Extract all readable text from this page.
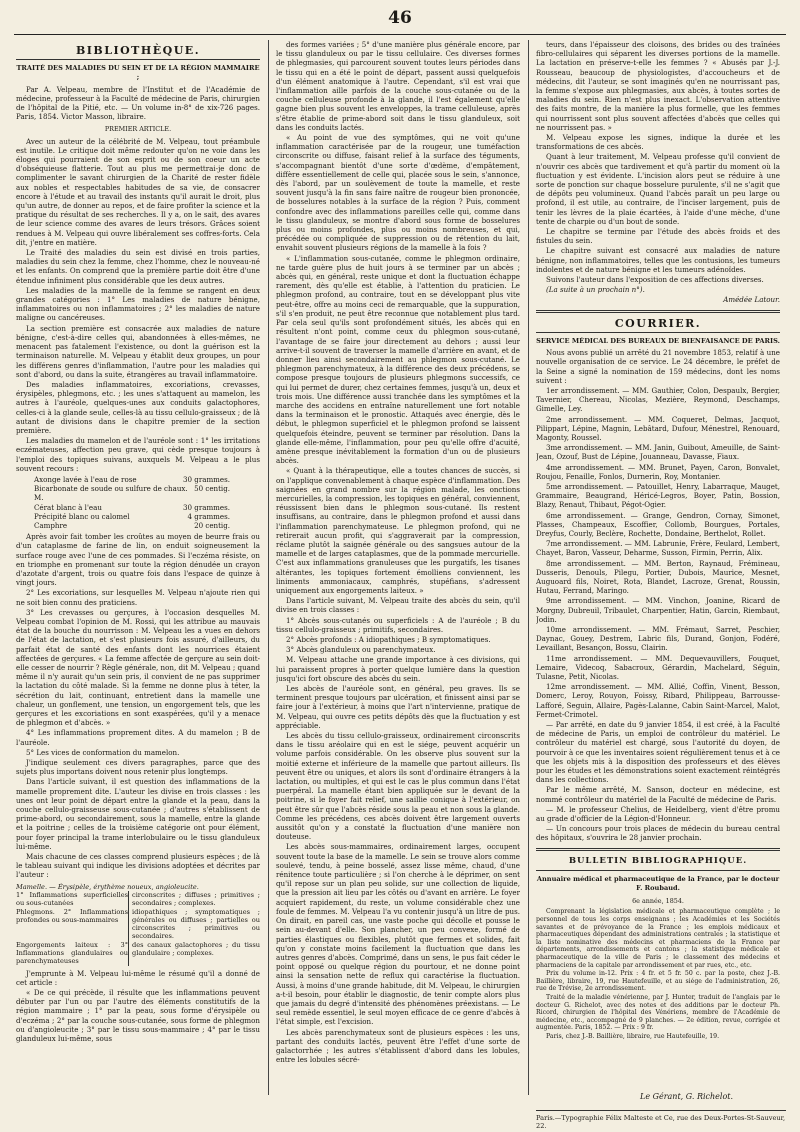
46
BIBLIOTHÈQUE.
TRAITÉ DES MALADIES DU SEIN ET DE LA RÉGION MAMMAIRE ;

Par A. Velpeau, membre de l'Institut et de l'Académie de médecine, professeur à la Faculté de médecine de Paris, chirurgien de l'hôpital de la Pitié, etc. — Un volume in-8° de xix-726 pages. Paris, 1854. Victor Masson, libraire.

PREMIER ARTICLE.

Avec un auteur de la célébrité de M. Velpeau, tout préambule est inutile. Le critique doit même redouter qu'on ne voie dans les éloges qui pourraient de son esprit ou de son coeur un acte d'obséquieuse flatterie. Tout au plus me permettrai-je donc de complimenter le savant chirurgien de la Charité de rester fidèle aux nobles et respectables habitudes de sa vie, de consacrer encore à l'étude et au travail des instants qu'il aurait le droit, plus qu'un autre, de donner au repos, et de faire profiter la science et la pratique du résultat de ses recherches. Il y a, on le sait, des avares de leur science comme des avares de leurs trésors. Grâces soient rendues à M. Velpeau qui ouvre libéralement ses coffres-forts. Cela dit, j'entre en matière.

Le Traité des maladies du sein est divisé en trois parties, maladies du sein chez la femme, chez l'homme, chez le nouveau-né et les enfants. On comprend que la première partie doit être d'une étendue infiniment plus considérable que les deux autres.

Les maladies de la mamelle de la femme se rangent en deux grandes catégories : 1° Les maladies de nature bénigne, inflammatoires ou non inflammatoires ; 2° les maladies de nature maligne ou cancéreuses.

La section première est consacrée aux maladies de nature bénigne, c'est-à-dire celles qui, abandonnées à elles-mêmes, ne menacent pas fatalement l'existence, ou dont la guérison est la terminaison naturelle. M. Velpeau y établit deux groupes, un pour les différens genres d'inflammation, l'autre pour les maladies qui sont d'abord, ou dans la suite, étrangères au travail inflammatoire.

Des maladies inflammatoires, excoriations, crevasses, érysipèles, phlegmons, etc. ; les unes s'attaquent au mamelon, les autres à l'auréole, quelques-unes aux conduits galactophores, celles-ci à la glande seule, celles-là au tissu cellulo-graisseux ; de là autant de divisions dans le chapitre premier de la section première.

Les maladies du mamelon et de l'auréole sont : 1° les irritations eczémateuses, affection peu grave, qui cède presque toujours à l'emploi des topiques suivans, auxquels M. Velpeau a le plus souvent recours :

Axonge lavée à l'eau de rose	30 grammes.
Bicarbonate de soude ou sulfure de chaux. 50 centig.
M.
Cérat blanc à l'eau	30 grammes.
Précipité blanc ou calomel	4 grammes.
Camphre	20 centig.

Après avoir fait tomber les croûtes au moyen de beurre frais ou d'un cataplasme de farine de lin, on enduit soigneusement la surface rouge avec l'une de ces pommades. Si l'eczéma résiste, on en triomphe en promenant sur toute la région dénudée un crayon d'azotate d'argent, trois ou quatre fois dans l'espace de quinze à vingt jours.

2° Les excoriations, sur lesquelles M. Velpeau n'ajoute rien qui ne soit bien connu des praticiens.

3° Les crevasses ou gerçures, à l'occasion desquelles M. Velpeau combat l'opinion de M. Rossi, qui les attribue au mauvais état de la bouche du nourrisson : M. Velpeau les a vues en dehors de l'état de lactation, et s'est plusieurs fois assuré, d'ailleurs, du parfait état de santé des enfants dont les nourrices étaient affectées de gerçures. « La femme affectée de gerçure au sein doit-elle cesser de nourrir ? Règle générale, non, dit M. Velpeau ; quand même il n'y aurait qu'un sein pris, il convient de ne pas supprimer la lactation du côté malade. Si la femme ne donne plus à téter, la sécrétion du lait, continuant, entretient dans la mamelle une chaleur, un gonflement, une tension, un engorgement tels, que les gerçures et les excoriations en sont exaspérées, qu'il y a menace de phlegmon et d'abcès. »

4° Les inflammations proprement dites. A du mamelon ; B de l'auréole.

5° Les vices de conformation du mamelon.

J'indique seulement ces divers paragraphes, parce que des sujets plus importans doivent nous retenir plus longtemps.

Dans l'article suivant, il est question des inflammations de la mamelle proprement dite. L'auteur les divise en trois classes : les unes ont leur point de départ entre la glande et la peau, dans la couche cellulo-graisseuse sous-cutanée ; d'autres s'établissent de prime-abord, ou secondairement, sous la mamelle, entre la glande et la poitrine ; celles de la troisième catégorie ont pour élément, pour foyer principal la trame interlobulaire ou le tissu glanduleux lui-même.

Mais chacune de ces classes comprend plusieurs espèces ; de là le tableau suivant qui indique les divisions adoptées et décrites par l'auteur :

Mamelle. — Érysipèle, érythème noueux, angioleucite.
1° Inflammations superficielles ou sous-cutanées
circonscrites ; diffuses ; primitives ; secondaires ; complexes.
Phlegmons. 2° Inflammations profondes ou sous-mammaires
idiopathiques ; symptomatiques ; générales ou diffuses ; partielles ou circonscrites ; primitives ou secondaires.
Engorgements laiteux : 3° Inflammations glandulaires ou parenchymateuses
des canaux galactophores ; du tissu glandulaire ; complexes.

J'emprunte à M. Velpeau lui-même le résumé qu'il a donné de cet article :

« De ce qui précède, il résulte que les inflammations peuvent débuter par l'un ou par l'autre des éléments constitutifs de la région mammaire ; 1° par la peau, sous forme d'érysipèle ou d'eczéma ; 2° par la couche sous-cutanée, sous forme de phlegmon ou d'angioleucite ; 3° par le tissu sous-mammaire ; 4° par le tissu glanduleux lui-même, sous

des formes variées ; 5° d'une manière plus générale encore, par le tissu glanduleux ou par le tissu cellulaire. Ces diverses formes de phlegmasies, qui parcourent souvent toutes leurs périodes dans le tissu qui en a été le point de départ, passent aussi quelquefois d'un élément anatomique à l'autre. Cependant, s'il est vrai que l'inflammation aille parfois de la couche sous-cutanée ou de la couche celluleuse profonde à la glande, il l'est également qu'elle gagne bien plus souvent les enveloppes, la trame celluleuse, après s'être établie de prime-abord soit dans le tissu glanduleux, soit dans les conduits lactés.

« Au point de vue des symptômes, qui ne voit qu'une inflammation caractérisée par de la rougeur, une tuméfaction circonscrite ou diffuse, faisant relief à la surface des téguments, s'accompagnant bientôt d'une sorte d'œdème, d'empâtement, diffère essentiellement de celle qui, placée sous le sein, s'annonce, dès l'abord, par un soulèvement de toute la mamelle, et reste souvent jusqu'à la fin sans faire naître de rougeur bien prononcée, de bosselures notables à la surface de la région ? Puis, comment confondre avec des inflammations pareilles celle qui, comme dans le tissu glanduleux, se montre d'abord sous forme de bosselures plus ou moins profondes, plus ou moins nombreuses, et qui, précédée ou compliquée de suppression ou de rétention du lait, envahit souvent plusieurs régions de la mamelle à la fois ?

« L'inflammation sous-cutanée, comme le phlegmon ordinaire, ne tarde guère plus de huit jours à se terminer par un abcès ; abcès qui, en général, reste unique et dont la fluctuation échappe rarement, dès qu'elle est établie, à l'attention du praticien. Le phlegmon profond, au contraire, tout en se développant plus vite peut-être, offre au moins ceci de remarquable, que la suppuration, s'il s'en produit, ne peut être reconnue que notablement plus tard. Par cela seul qu'ils sont profondément situés, les abcès qui en résultent n'ont point, comme ceux du phlegmon sous-cutané, l'avantage de se faire jour directement au dehors ; aussi leur arrive-t-il souvent de traverser la mamelle d'arrière en avant, et de donner lieu ainsi secondairement au phlegmon sous-cutané. Le phlegmon parenchymateux, à la différence des deux précédens, se compose presque toujours de plusieurs phlegmons successifs, ce qui lui permet de durer, chez certaines femmes, jusqu'à un, deux et trois mois. Une différence aussi tranchée dans les symptômes et la marche des accidens en entraîne naturellement une fort notable dans la terminaison et le pronostic. Attaqués avec énergie, dès le début, le phlegmon superficiel et le phlegmon profond se laissent quelquefois éteindre, peuvent se terminer par résolution. Dans la glande elle-même, l'inflammation, pour peu qu'elle offre d'acuité, amène presque inévitablement la formation d'un ou de plusieurs abcès.

« Quant à la thérapeutique, elle a toutes chances de succès, si on l'applique convenablement à chaque espèce d'inflammation. Des saignées en grand nombre sur la région malade, les onctions mercurielles, la compression, les topiques en général, conviennent, réussissent bien dans le phlegmon sous-cutané. Ils restent insuffisans, au contraire, dans le phlegmon profond et aussi dans l'inflammation parenchymateuse. Le phlegmon profond, qui ne retirerait aucun profit, qui s'aggraverait par la compression, réclame plutôt la saignée générale ou des sangsues autour de la mamelle et de larges cataplasmes, que de la pommade mercurielle. C'est aux inflammations granuleuses que les purgatifs, les tisanes altérantes, les topiques fortement émolliens conviennent, les liniments ammoniacaux, camphrés, stupéfians, s'adressent uniquement aux engorgements laiteux. »

Dans l'article suivant, M. Velpeau traite des abcès du sein, qu'il divise en trois classes :

1° Abcès sous-cutanés ou superficiels : A de l'auréole ; B du tissu cellulo-graisseux ; primitifs, secondaires.

2° Abcès profonds : A idiopathiques ; B symptomatiques.

3° Abcès glanduleux ou parenchymateux.

M. Velpeau attache une grande importance à ces divisions, qui lui paraissent propres à porter quelque lumière dans la question jusqu'ici fort obscure des abcès du sein.

Les abcès de l'auréole sont, en général, peu graves. Ils se terminent presque toujours par ulcération, et finissent ainsi par se faire jour à l'extérieur, à moins que l'art n'intervienne, pratique de M. Velpeau, qui ouvre ces petits dépôts dès que la fluctuation y est appréciable.

Les abcès du tissu cellulo-graisseux, ordinairement circonscrits dans le tissu aréolaire qui en est le siége, peuvent acquérir un volume parfois considérable. On les observe plus souvent sur la moitié externe et inférieure de la mamelle que partout ailleurs. Ils peuvent être ou uniques, et alors ils sont d'ordinaire étrangers à la lactation, ou multiples, et qui est le cas le plus commun dans l'état puerpéral. La mamelle étant bien appliquée sur le devant de la poitrine, si le foyer fait relief, une saillie conique à l'extérieur, on peut être sûr que l'abcès réside sous la peau et non sous la glande. Comme les précédens, ces abcès doivent être largement ouverts aussitôt qu'on y a constaté la fluctuation d'une manière non douteuse.

Les abcès sous-mammaires, ordinairement larges, occupent souvent toute la base de la mamelle. Le sein se trouve alors comme soulevé, tendu, à peine bosselé, assez lisse même, chaud, d'une rénitence toute particulière ; si l'on cherche à le déprimer, on sent qu'il repose sur un plan peu solide, sur une collection de liquide, que la pression ait lieu par les côtés ou d'avant en arrière. Le foyer acquiert rapidement, du reste, un volume considérable chez une foule de femmes. M. Velpeau l'a vu contenir jusqu'à un litre de pus. On dirait, en pareil cas, une vaste poche qui décolle et pousse le sein au-devant d'elle. Son plancher, un peu convexe, formé de parties élastiques ou flexibles, plutôt que fermes et solides, fait qu'on y constate moins facilement la fluctuation que dans les autres genres d'abcès. Comprimé, dans un sens, le pus fait céder le point opposé ou quelque région du pourtour, et ne donne point ainsi la sensation nette de reflux qui caractérise la fluctuation. Aussi, à moins d'une grande habitude, dit M. Velpeau, le chirurgien a-t-il besoin, pour établir le diagnostic, de tenir compte alors plus que jamais du degré d'intensité des phénomènes préexistans. — Le seul remède essentiel, le seul moyen efficace de ce genre d'abcès à l'état simple, est l'excision.

Les abcès parenchymateux sont de plusieurs espèces : les uns, partant des conduits lactés, peuvent être l'effet d'une sorte de galactorrhée ; les autres s'établissent d'abord dans les lobules, entre les lobules sécré-

teurs, dans l'épaisseur des cloisons, des brides ou des traînées fibro-cellulaires qui séparent les diverses portions de la mamelle. La lactation en préserve-t-elle les femmes ? « Abusés par J.-J. Rousseau, beaucoup de physiologistes, d'accoucheurs et de médecins, dit l'auteur, se sont imaginés qu'en ne nourrissant pas, la femme s'expose aux phlegmasies, aux abcès, à toutes sortes de maladies du sein. Rien n'est plus inexact. L'observation attentive des faits montre, de la manière la plus formelle, que les femmes qui nourrissent sont plus souvent affectées d'abcès que celles qui ne nourrissent pas. »

M. Velpeau expose les signes, indique la durée et les transformations de ces abcès.

Quant à leur traitement, M. Velpeau professe qu'il convient de n'ouvrir ces abcès que tardivement et qu'à partir du moment où la fluctuation y est évidente. L'incision alors peut se réduire à une sorte de ponction sur chaque bosselure purulente, s'il ne s'agit que de dépôts peu volumineux. Quand l'abcès paraît un peu large ou profond, il est utile, au contraire, de l'inciser largement, puis de tenir les lèvres de la plaie écartées, à l'aide d'une mèche, d'une tente de charpie ou d'un bout de sonde.

Le chapitre se termine par l'étude des abcès froids et des fistules du sein.

Le chapitre suivant est consacré aux maladies de nature bénigne, non inflammatoires, telles que les contusions, les tumeurs indolentes et de nature bénigne et les tumeurs adénoïdes.

Suivons l'auteur dans l'exposition de ces affections diverses.

(La suite à un prochain n°).

Amédée Latour.
COURRIER.
SERVICE MÉDICAL DES BUREAUX DE BIENFAISANCE DE PARIS.

Nous avons publié un arrêté du 21 novembre 1853, relatif à une nouvelle organisation de ce service. Le 24 décembre, le préfet de la Seine a signé la nomination de 159 médecins, dont les noms suivent :

1er arrondissement. — MM. Gauthier, Colon, Despaulx, Bergier, Tavernier, Chereau, Nicolas, Mezière, Reymond, Deschamps, Gimelle, Ley.

2me arrondissement. — MM. Coqueret, Delmas, Jacquot, Pilippart, Lépine, Magnin, Lebâtard, Dufour, Ménestrel, Renouard, Magonty, Roussel.

3me arrondissement. — MM. Janin, Guibout, Ameuille, de Saint-Jean, Ozouf, Bust de Lépine, Jouanneau, Davasse, Fiaux.

4me arrondissement. — MM. Brunet, Payen, Caron, Bonvalet, Roujou, Fenaille, Fonlos, Durnerin, Roy, Montanier.

5me arrondissement. — Patouillet, Henry, Labarraque, Mauget, Grammaire, Beaugrand, Héricé-Legros, Boyer, Patin, Bossion, Blazy, Renaut, Thibaut, Pégot-Ogier.

6me arrondissement. — Grange, Gendron, Cornay, Simonet, Plasses, Champeaux, Escoffier, Collomb, Bourgues, Portales, Dreyfus, Courly, Beclère, Rochette, Dondaine, Berthelot, Rollet.

7me arrondissement. — MM. Labrunie, Frère, Feulard, Lembert, Chayet, Baron, Vasseur, Deharme, Susson, Firmin, Perrin, Alix.

8me arrondissement. — MM. Berton, Raynaud, Frémineau, Dusseris, Denouls, Pilegu, Portier, Dubois, Maurice, Mesnet, Auguoard fils, Noiret, Rota, Blandet, Lacroze, Grenat, Roussin, Hutau, Ferrand, Maringo.

9me arrondissement. — MM. Vinchon, Joanine, Ricard de Morgny, Dubreuil, Tribaulet, Charpentier, Hatin, Garcin, Riembaut, Jodin.

10me arrondissement. — MM. Frémaut, Sarret, Peschier, Daynac, Gouey, Destrem, Labric fils, Durand, Gonjon, Fodéré, Levaillant, Besançon, Bossu, Clairin.

11me arrondissement. — MM. Dequevauvillers, Fouquet, Lemaire, Videcoq, Sabacroux, Gérardin, Machelard, Séguin, Tulasne, Petit, Nicolas.

12me arrondissement. — MM. Allié, Coffin, Vinent, Besson, Domerc, Leroy, Rouyon, Foissy, Ribard, Philippeau, Barrousse-Lafforé, Seguin, Allaire, Pagès-Lalanne, Cabin Saint-Marcel, Malot, Fermet-Crimotel.

— Par arrêté, en date du 9 janvier 1854, il est créé, à la Faculté de médecine de Paris, un emploi de contrôleur du matériel. Le contrôleur du matériel est chargé, sous l'autorité du doyen, de pourvoir à ce que les inventaires soient régulièrement tenus et à ce que les objets mis à la disposition des professeurs et des élèves pour les études et les démonstrations soient exactement réintégrés dans les collections.

Par le même arrêté, M. Sanson, docteur en médecine, est nommé contrôleur du matériel de la Faculté de médecine de Paris.

— M. le professeur Chelius, de Heidelberg, vient d'être promu au grade d'officier de la Légion-d'Honneur.

— Un concours pour trois places de médecin du bureau central des hôpitaux, s'ouvrira le 28 janvier prochain.

BULLETIN BIBLIOGRAPHIQUE.
Annuaire médical et pharmaceutique de la France, par le docteur F. Roubaud.
6e année, 1854.

Comprenant la législation médicale et pharmaceutique complète ; le personnel de tous les corps enseignans ; les Académies et les Sociétés savantes et de prévoyance de la France ; les emplois médicaux et pharmaceutiques dépendant des administrations centrales ; la statistique et la liste nominative des médecins et pharmaciens de la France par départements, arrondissements et cantons ; la statistique médicale et pharmaceutique de la ville de Paris ; le classement des médecins et pharmaciens de la capitale par arrondissement et par rues, etc., etc.

Prix du volume in-12. Prix : 4 fr. et 5 fr. 50 c. par la poste, chez J.-B. Baillière, libraire, 19, rue Hautefeuille, et au siége de l'administration, 26, rue de Trévise, 2e arrondissement.

Traité de la maladie vénérienne, par J. Hunter, traduit de l'anglais par le docteur G. Richelot, avec des notes et des additions par le docteur Ph. Ricord, chirurgien de l'hôpital des Vénériens, membre de l'Académie de médecine, etc., accompagné de 9 planches. — 2e édition, revue, corrigée et augmentée. Paris, 1852. — Prix : 9 fr.

Paris, chez J.-B. Baillière, libraire, rue Hautefeuille, 19.

Le Gérant, G. Richelot.
Paris.—Typographie Félix Malteste et Ce, rue des Deux-Portes-St-Sauveur, 22.
